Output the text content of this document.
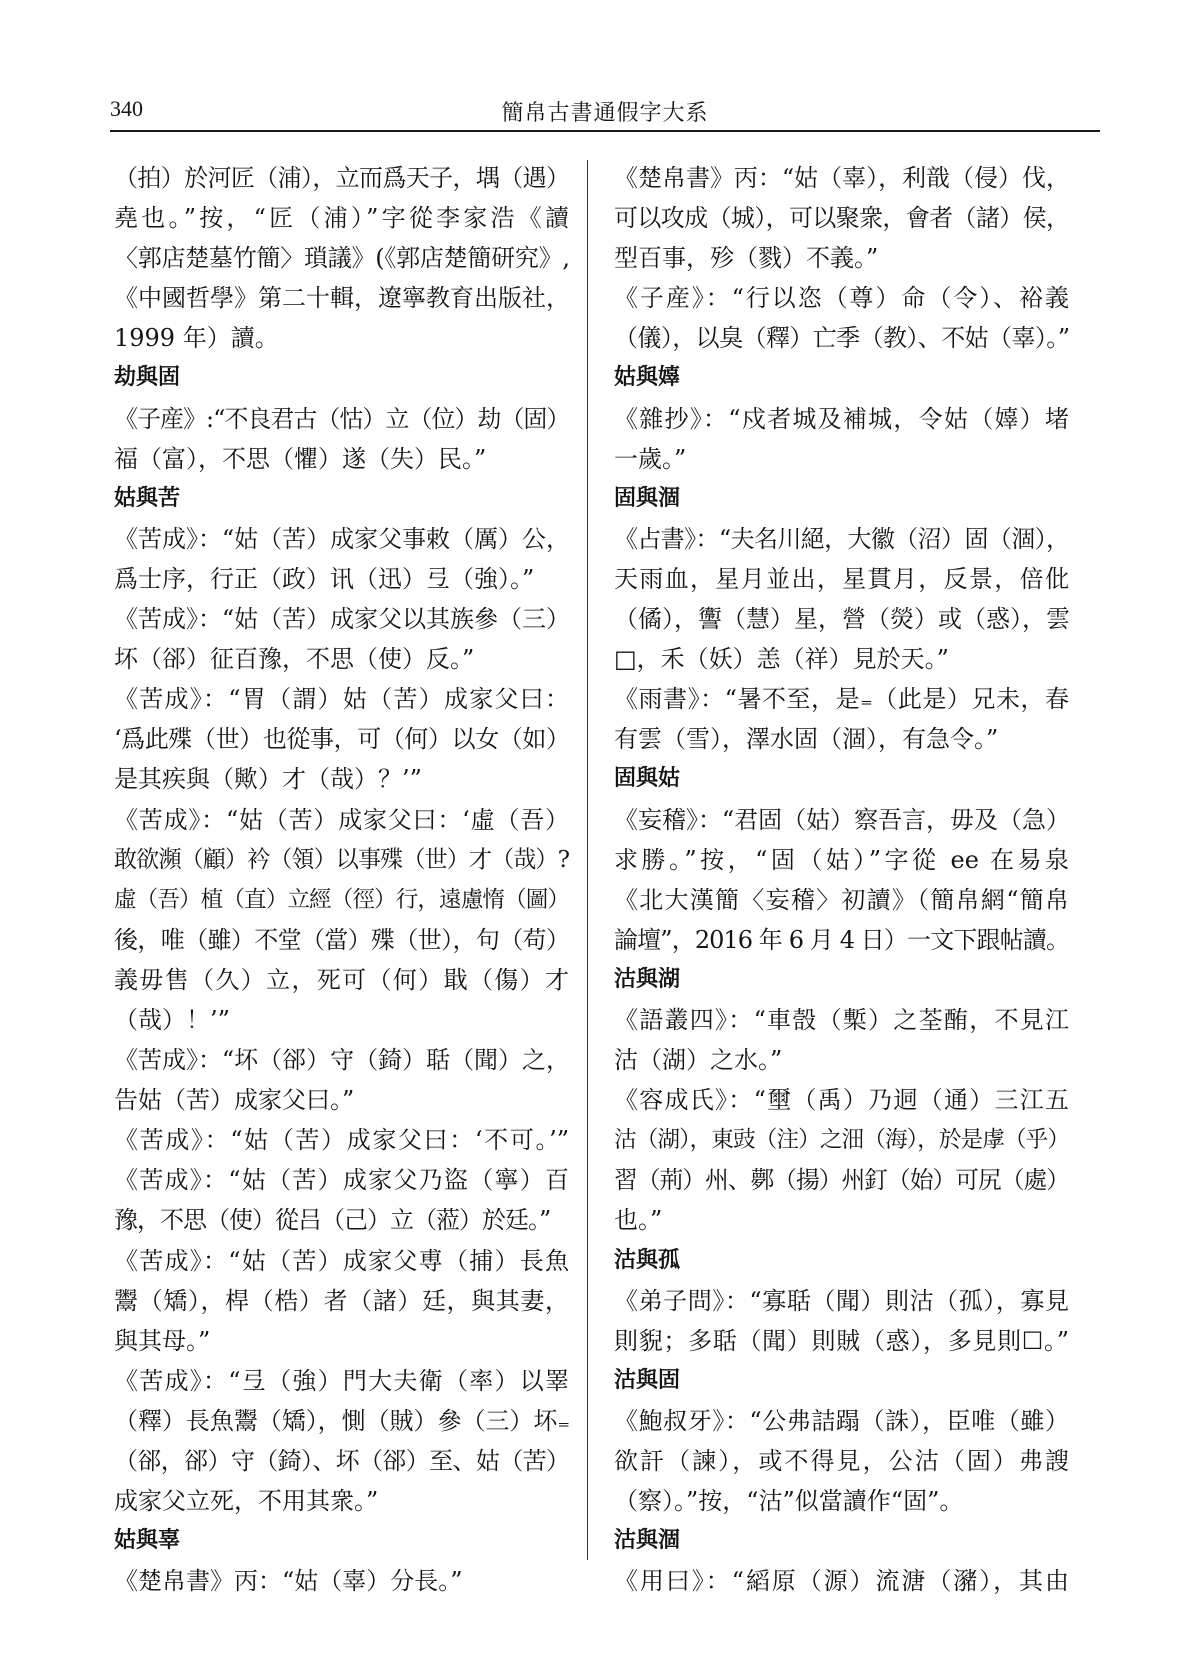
340	簡帛古書通假字大系
（拍）於河匠（浦），立而爲天子，堣（遇）
堯也。”按，“匠（浦）”字從李家浩《讀
〈郭店楚墓竹簡〉瑣議》(《郭店楚簡研究》,
《中國哲學》第二十輯，遼寧教育出版社，
1999 年）讀。
劫與固
《子産》:“不良君古（怙）立（位）劫（固）
福（富），不思（懼）遂（失）民。”
姑與苦
《苦成》：“姑（苦）成家父事敕（厲）公，
爲士序，行正（政）讯（迅）弖（強）。”
《苦成》：“姑（苦）成家父以其族參（三）
坏（郤）征百豫，不思（使）反。”
《苦成》：“胃（謂）姑（苦）成家父曰：
‘爲此殜（世）也從事，可（何）以女（如）
是其疾與（歟）才（哉）？’”
《苦成》：“姑（苦）成家父曰：‘虛（吾）
敢欲瀕（顧）衿（領）以事殜（世）才（哉）?
虛（吾）植（直）立經（徑）行，遠慮惰（圖）
後，唯（雖）不堂（當）殜（世），句（苟）
義毋售（久）立，死可（何）戢（傷）才
（哉）！’”
《苦成》：“坏（郤）守（錡）聒（聞）之，
告姑（苦）成家父曰。”
《苦成》：“姑（苦）成家父曰：‘不可。’”
《苦成》：“姑（苦）成家父乃盜（寧）百
豫，不思（使）從吕（己）立（蒞）於廷。”
《苦成》：“姑（苦）成家父尃（捕）長魚
鬻（矯），桿（梏）者（諸）廷，與其妻，
與其母。”
《苦成》：“弖（強）門大夫衛（率）以睪
（釋）長魚鬻（矯），惻（賊）參（三）坏₌
（郤，郤）守（錡）、坏（郤）至、姑（苦）
成家父立死，不用其衆。”
姑與辜
《楚帛書》丙：“姑（辜）分長。”
《楚帛書》丙：“姑（辜），利戠（侵）伐，
可以攻成（城），可以聚衆，會者（諸）侯，
型百事，殄（戮）不義。”
《子産》：“行以恣（尊）命（令）、裕義
（儀），以臭（釋）亡季（教）、不姑（辜）。”
姑與嫴
《雜抄》：“戍者城及補城，令姑（嫴）堵
一歲。”
固與涸
《占書》：“夫名川絕，大徽（沼）固（涸），
天雨血，星月並出，星貫月，反景，倍仳
（僪），讏（慧）星，營（熒）或（惑），雲
□，禾（妖）恙（祥）見於天。”
《雨書》：“暑不至，是₌（此是）兄未，春
有雲（雪），澤水固（涸），有急令。”
固與姑
《妄稽》：“君固（姑）察吾言，毋及（急）
求勝。”按，“固（姑）”字從 ee 在易泉
《北大漢簡〈妄稽〉初讀》（簡帛網“簡帛
論壇”，2016 年 6 月 4 日）一文下跟帖讀。
沽與湖
《語叢四》：“車嗀（槧）之荃酭，不見江
沽（湖）之水。”
《容成氏》：“壐（禹）乃迵（通）三江五
沽（湖），東豉（注）之沺（海），於是虖（乎）
習（荊）州、鄸（揚）州釘（始）可尻（處）
也。”
沽與孤
《弟子問》：“寡聒（聞）則沽（孤），寡見
則貎；多聒（聞）則賊（惑），多見則☐。”
沽與固
《鮑叔牙》：“公弗詰蹋（誅），臣唯（雖）
欲訐（諫），或不得見，公沽（固）弗謏
（察）。”按，“沽”似當讀作“固”。
沽與涸
《用曰》：“縚原（源）流溏（瀦），其由
